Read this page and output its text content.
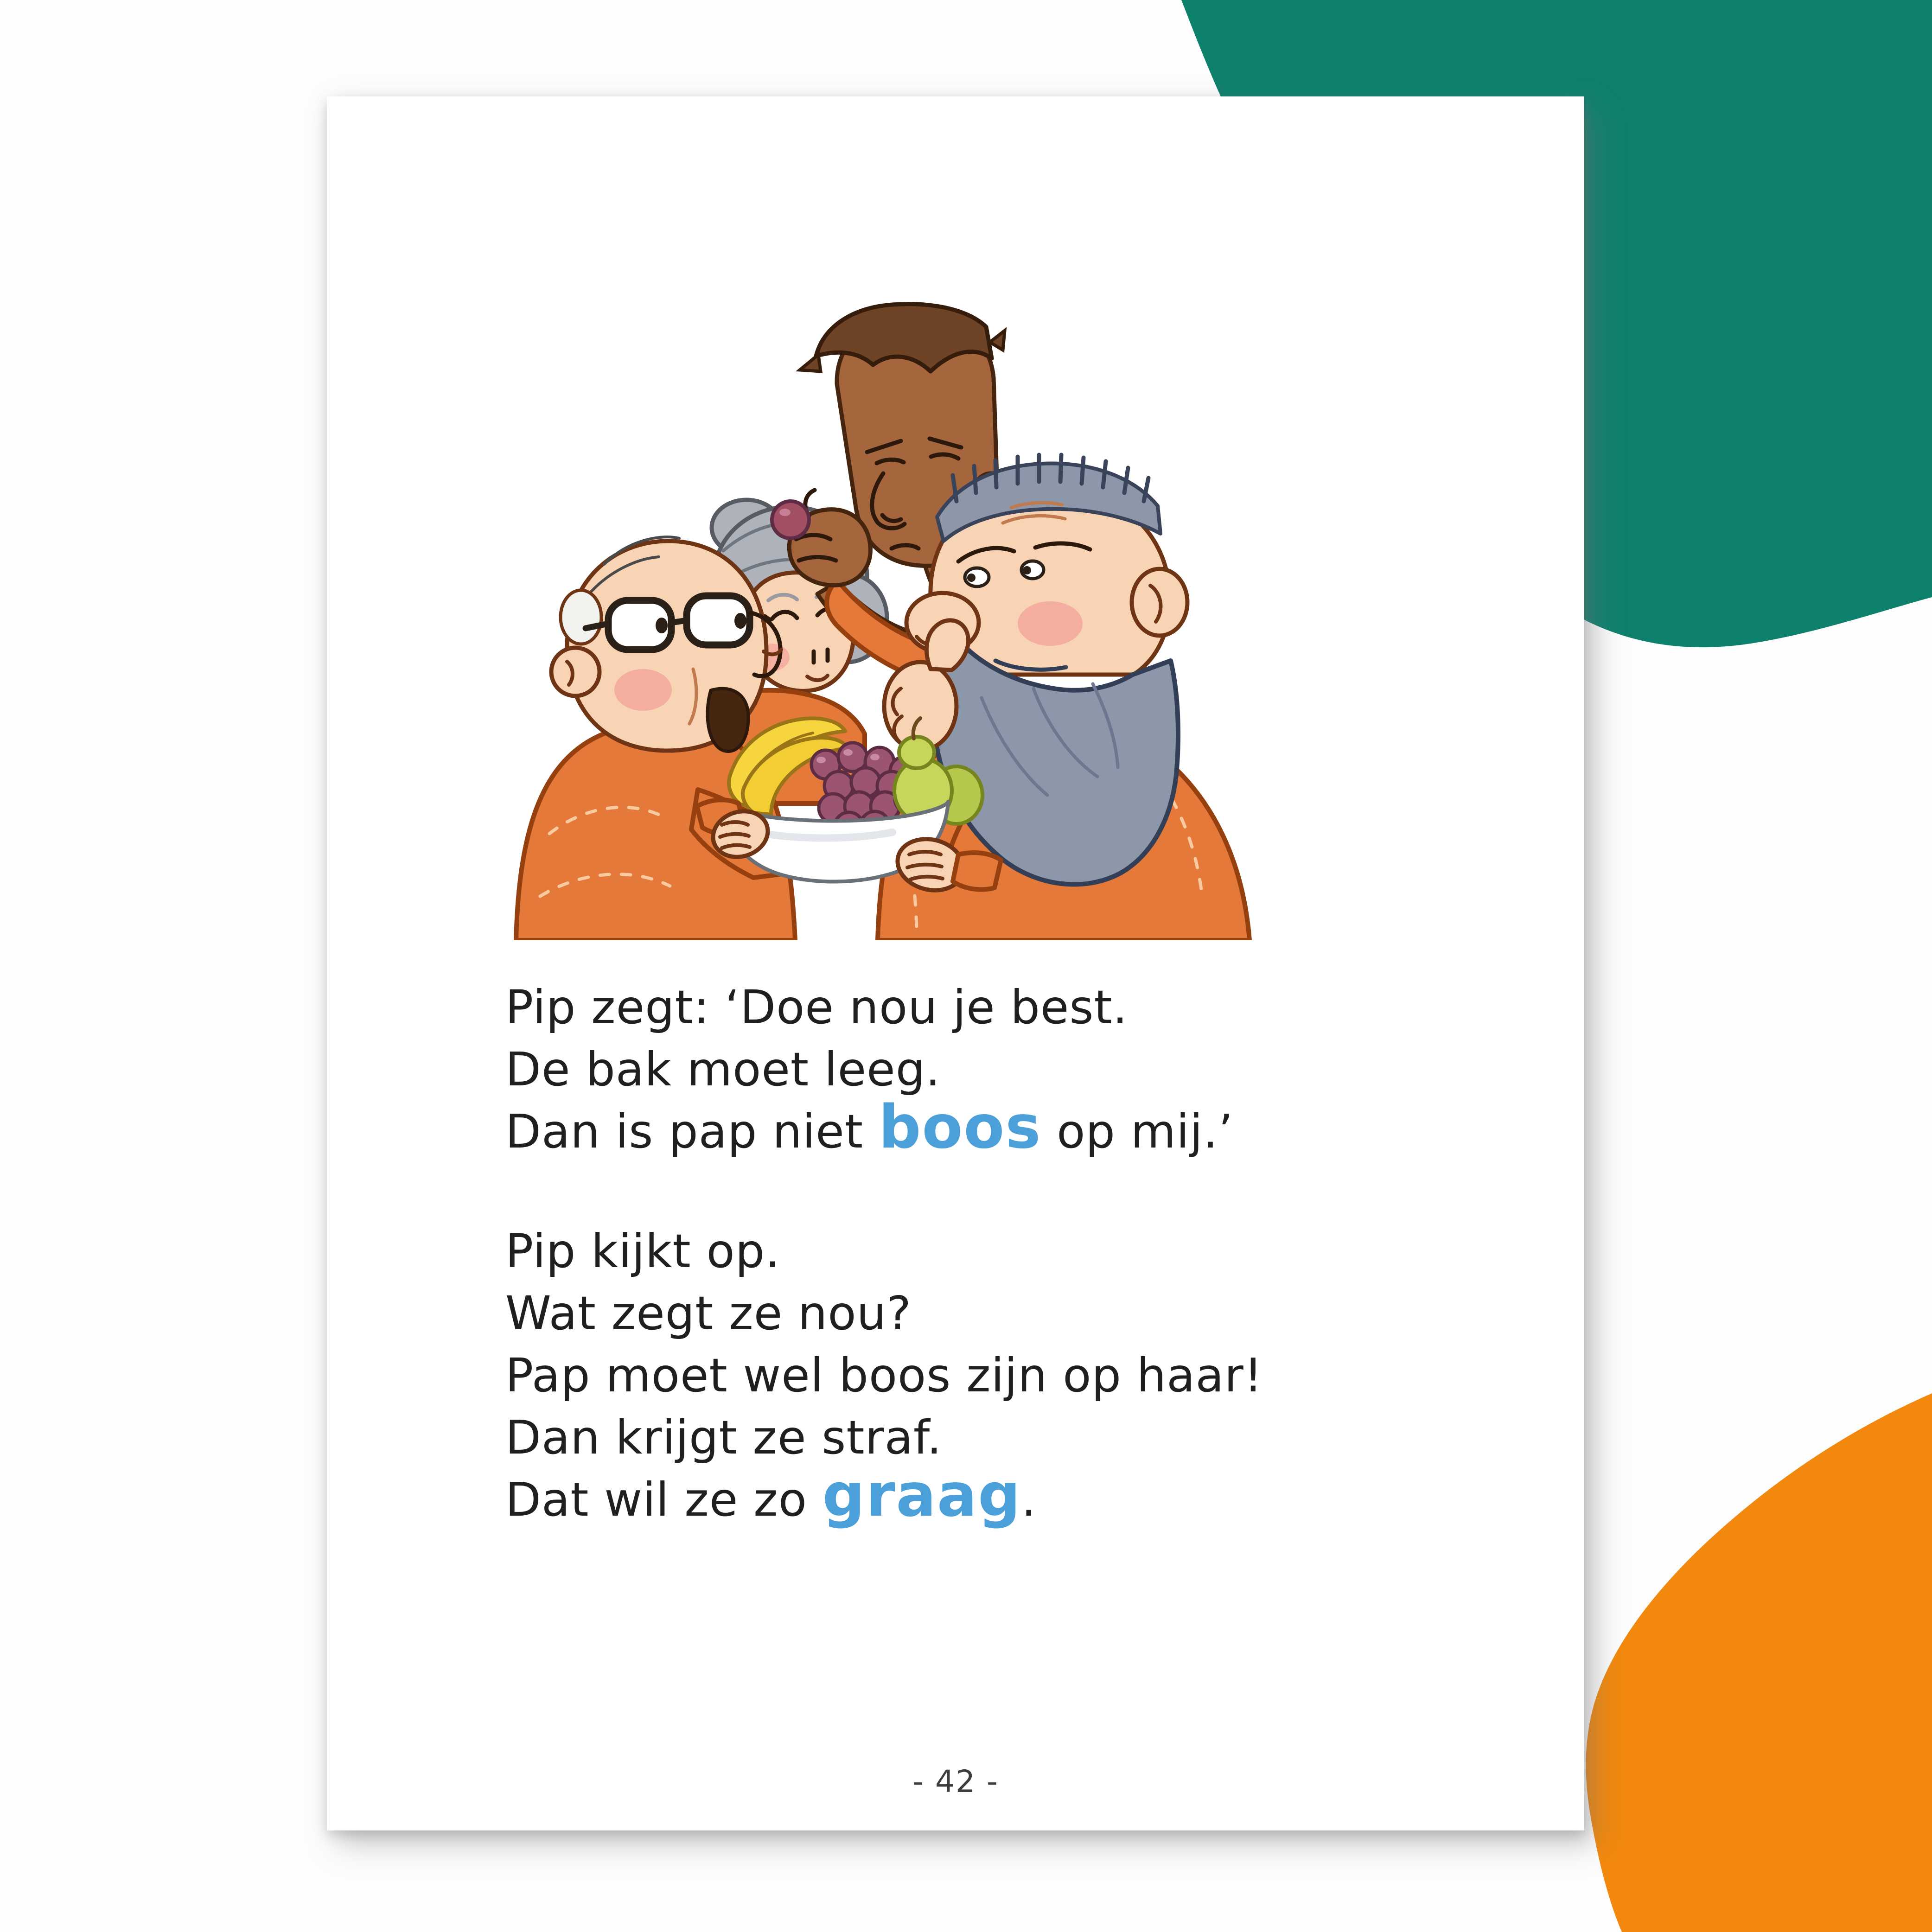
Pip zegt: ‘Doe nou je best.
De bak moet leeg.
Dan is pap niet boos op mij.’

Pip kijkt op.
Wat zegt ze nou?
Pap moet wel boos zijn op haar!
Dan krijgt ze straf.
Dat wil ze zo graag.

- 42 -
